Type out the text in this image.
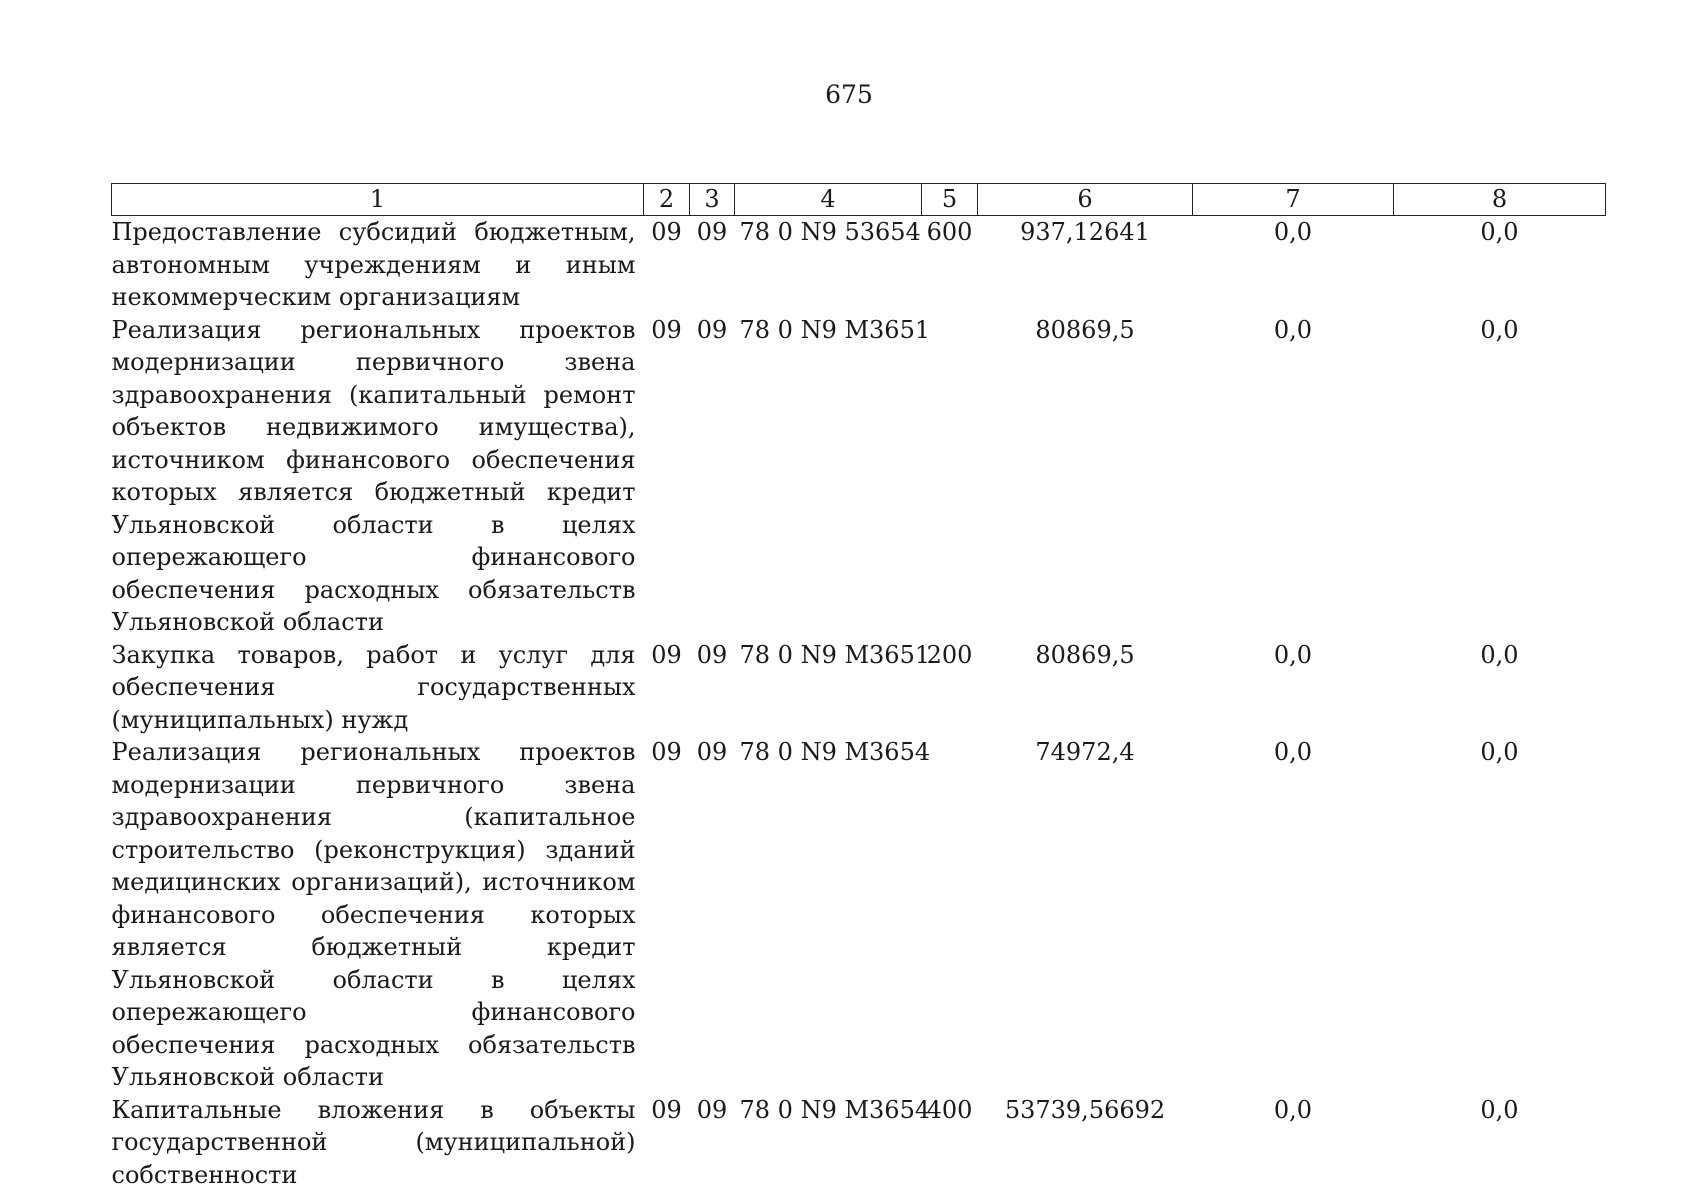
675
1	2	3	4	5	6	7	8
Предоставление субсидий бюджетным, автономным учреждениям и иным некоммерческим организациям	09	09	78 0 N9 53654	600	937,12641	0,0	0,0
Реализация региональных проектов модернизации первичного звена здравоохранения (капитальный ремонт объектов недвижимого имущества), источником финансового обеспечения которых является бюджетный кредит Ульяновской области в целях опережающего финансового обеспечения расходных обязательств Ульяновской области	09	09	78 0 N9 M3651		80869,5	0,0	0,0
Закупка товаров, работ и услуг для обеспечения государственных (муниципальных) нужд	09	09	78 0 N9 M3651	200	80869,5	0,0	0,0
Реализация региональных проектов модернизации первичного звена здравоохранения (капитальное строительство (реконструкция) зданий медицинских организаций), источником финансового обеспечения которых является бюджетный кредит Ульяновской области в целях опережающего финансового обеспечения расходных обязательств Ульяновской области	09	09	78 0 N9 M3654		74972,4	0,0	0,0
Капитальные вложения в объекты государственной (муниципальной) собственности	09	09	78 0 N9 M3654	400	53739,56692	0,0	0,0
